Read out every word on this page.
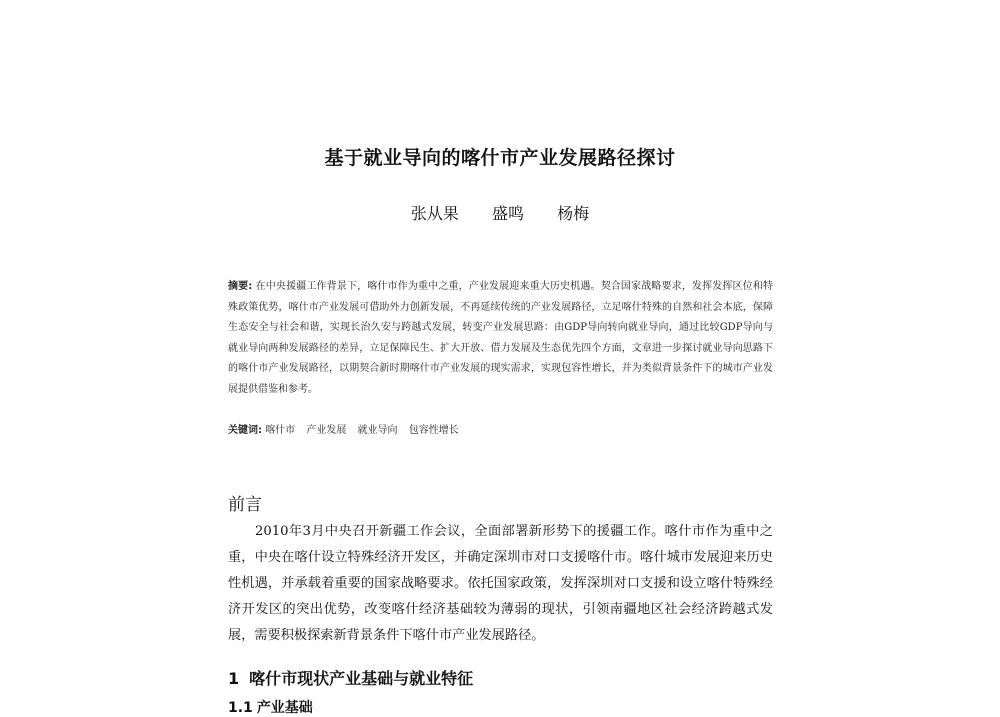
基于就业导向的喀什市产业发展路径探讨
张从果 盛鸣 杨梅
摘要: 在中央援疆工作背景下，喀什市作为重中之重，产业发展迎来重大历史机遇。契合国家战略要求，发挥发挥区位和特殊政策优势，喀什市产业发展可借助外力创新发展，不再延续传统的产业发展路径，立足喀什特殊的自然和社会本底，保障生态安全与社会和谐，实现长治久安与跨越式发展，转变产业发展思路：由GDP导向转向就业导向，通过比较GDP导向与就业导向两种发展路径的差异，立足保障民生、扩大开放、借力发展及生态优先四个方面，文章进一步探讨就业导向思路下的喀什市产业发展路径，以期契合新时期喀什市产业发展的现实需求，实现包容性增长，并为类似背景条件下的城市产业发展提供借鉴和参考。
关键词: 喀什市 产业发展 就业导向 包容性增长
前言

2010年3月中央召开新疆工作会议，全面部署新形势下的援疆工作。喀什市作为重中之重，中央在喀什设立特殊经济开发区，并确定深圳市对口支援喀什市。喀什城市发展迎来历史性机遇，并承载着重要的国家战略要求。依托国家政策，发挥深圳对口支援和设立喀什特殊经济开发区的突出优势，改变喀什经济基础较为薄弱的现状，引领南疆地区社会经济跨越式发展，需要积极探索新背景条件下喀什市产业发展路径。

1 喀什市现状产业基础与就业特征
1.1 产业基础
